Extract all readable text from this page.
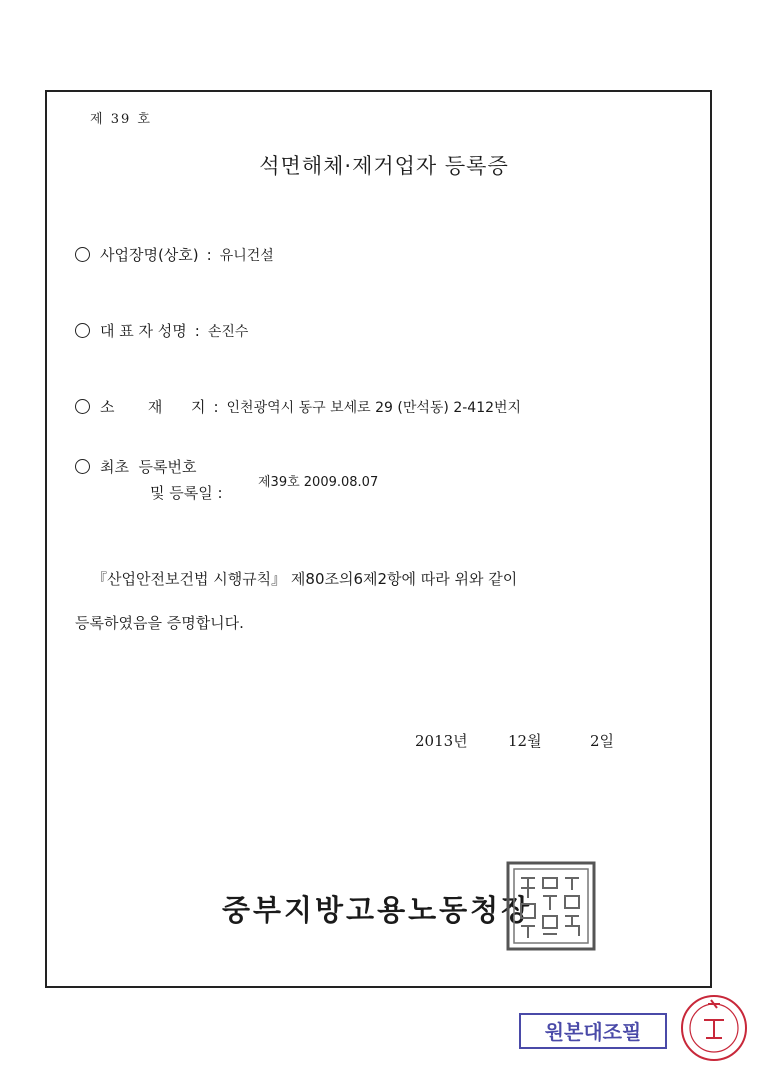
제 39 호
석면해체·제거업자 등록증
사업장명(상호) : 유니건설
대 표 자 성명 : 손진수
소       재      지 : 인천광역시 동구 보세로 29 (만석동) 2-412번지
최초  등록번호
및 등록일 :
제39호 2009.08.07
『산업안전보건법 시행규칙』 제80조의6제2항에 따라 위와 같이
등록하였음을 증명합니다.
2013년	12월	2일
중부지방고용노동청장
원본대조필
